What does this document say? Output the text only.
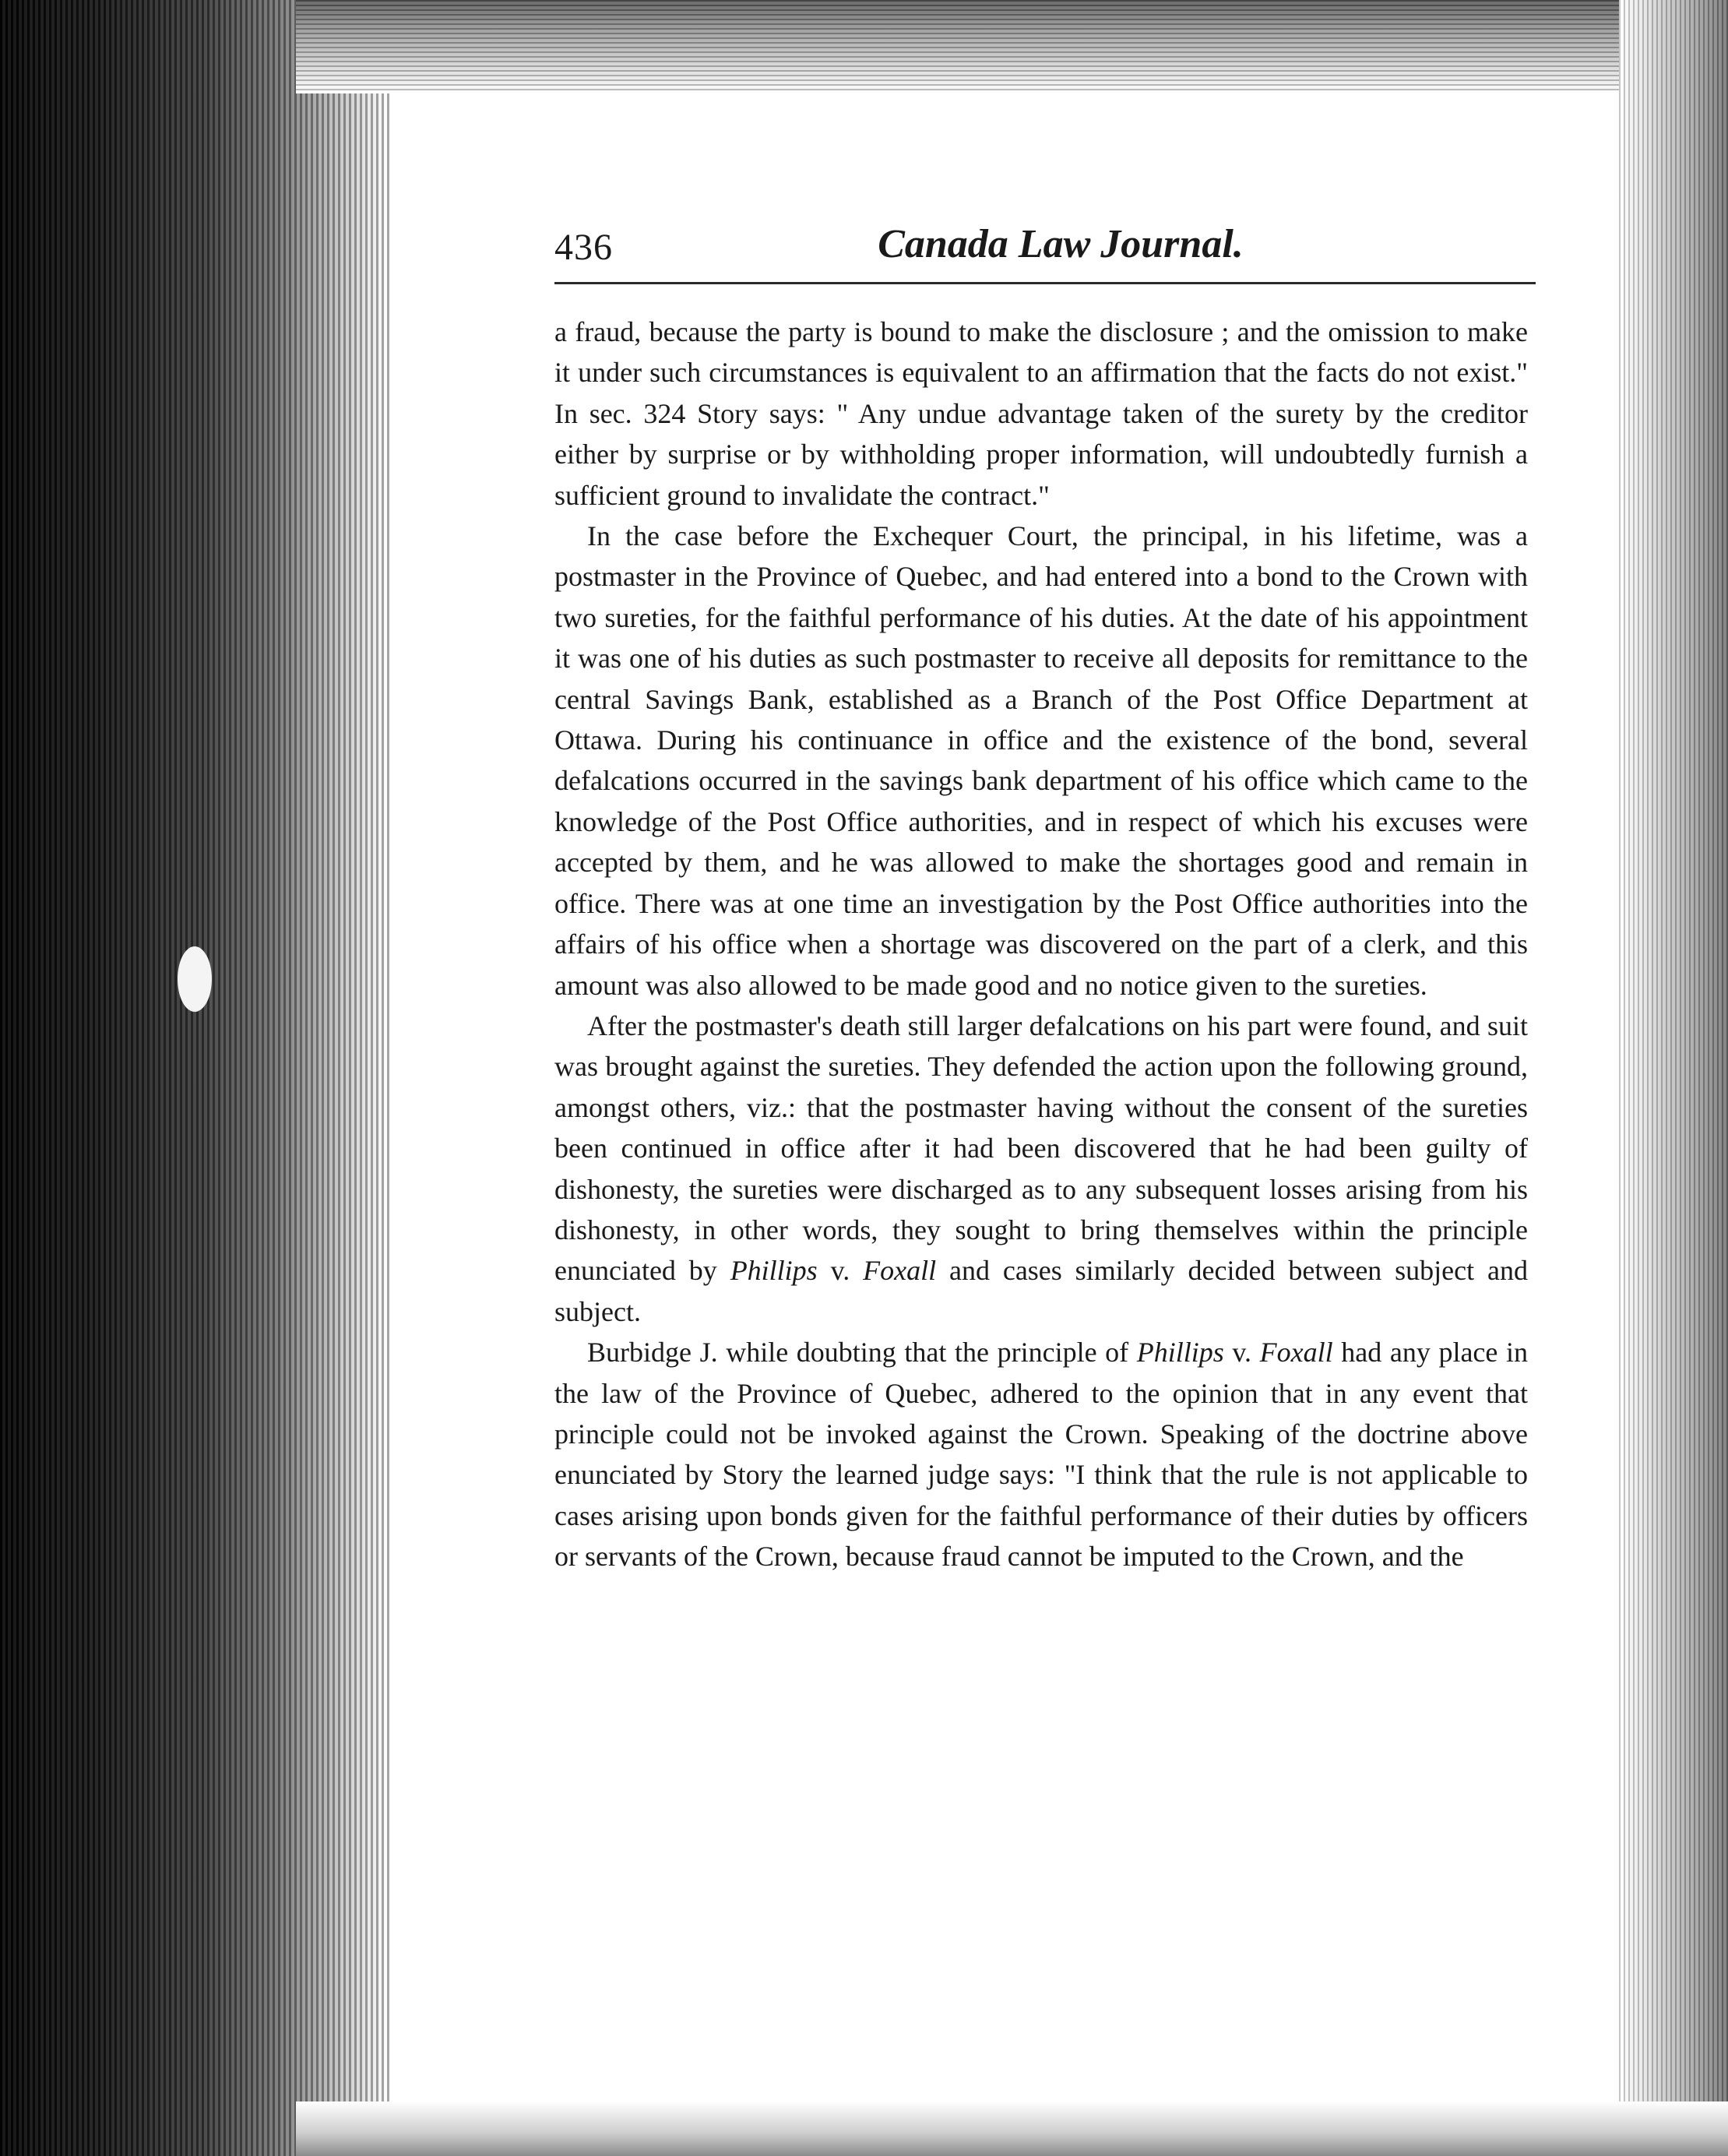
436	Canada Law Journal.

a fraud, because the party is bound to make the disclosure ; and the omission to make it under such circumstances is equivalent to an affirmation that the facts do not exist." In sec. 324 Story says: " Any undue advantage taken of the surety by the creditor either by surprise or by withholding proper information, will undoubtedly furnish a sufficient ground to invalidate the contract."

In the case before the Exchequer Court, the principal, in his lifetime, was a postmaster in the Province of Quebec, and had entered into a bond to the Crown with two sureties, for the faithful performance of his duties. At the date of his appointment it was one of his duties as such postmaster to receive all deposits for remittance to the central Savings Bank, established as a Branch of the Post Office Department at Ottawa. During his continuance in office and the existence of the bond, several defalcations occurred in the savings bank department of his office which came to the knowledge of the Post Office authorities, and in respect of which his excuses were accepted by them, and he was allowed to make the shortages good and remain in office. There was at one time an investigation by the Post Office authorities into the affairs of his office when a shortage was discovered on the part of a clerk, and this amount was also allowed to be made good and no notice given to the sureties.

After the postmaster's death still larger defalcations on his part were found, and suit was brought against the sureties. They defended the action upon the following ground, amongst others, viz.: that the postmaster having without the consent of the sureties been continued in office after it had been discovered that he had been guilty of dishonesty, the sureties were discharged as to any subsequent losses arising from his dishonesty, in other words, they sought to bring themselves within the principle enunciated by Phillips v. Foxall and cases similarly decided between subject and subject.

Burbidge J. while doubting that the principle of Phillips v. Foxall had any place in the law of the Province of Quebec, adhered to the opinion that in any event that principle could not be invoked against the Crown. Speaking of the doctrine above enunciated by Story the learned judge says: "I think that the rule is not applicable to cases arising upon bonds given for the faithful performance of their duties by officers or servants of the Crown, because fraud cannot be imputed to the Crown, and the
